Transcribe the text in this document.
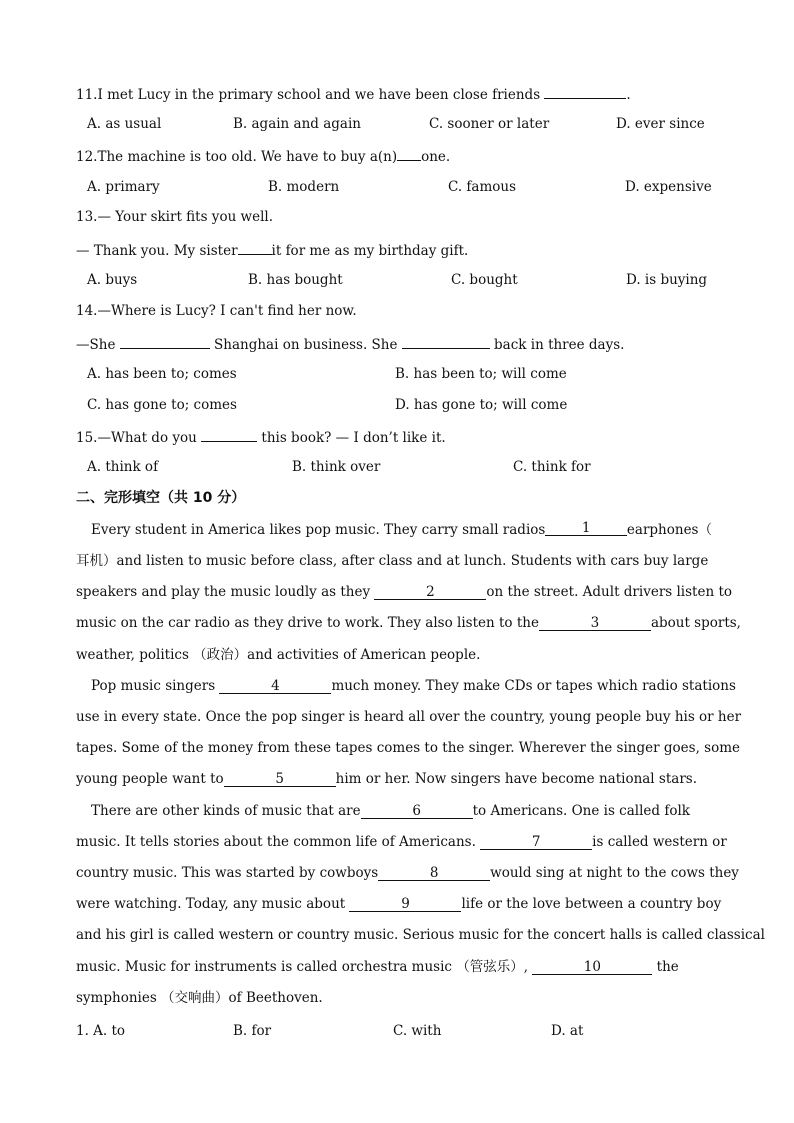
11.I met Lucy in the primary school and we have been close friends	.
A. as usual	B. again and again	C. sooner or later	D. ever since
12.The machine is too old. We have to buy a(n) one.
A. primary	B. modern	C. famous	D. expensive
13.— Your skirt fits you well.
— Thank you. My sister	it for me as my birthday gift.
A. buys	B. has bought	C. bought	D. is buying
14.—Where is Lucy? I can't find her now.
—She	Shanghai on business. She	back in three days.
A. has been to; comes	B. has been to; will come
C. has gone to; comes	D. has gone to; will come
15.—What do you	this book? — I don’t like it.
A. think of	B. think over	C. think for
二、完形填空（共 10 分）
Every student in America likes pop music. They carry small radios	1	earphones（
耳机）and listen to music before class, after class and at lunch. Students with cars buy large
speakers and play the music loudly as they	2	on the street. Adult drivers listen to
music on the car radio as they drive to work. They also listen to the	3	about sports,
weather, politics （政治）and activities of American people.
Pop music singers	4	much money. They make CDs or tapes which radio stations
use in every state. Once the pop singer is heard all over the country, young people buy his or her
tapes. Some of the money from these tapes comes to the singer. Wherever the singer goes, some
young people want to	5	him or her. Now singers have become national stars.
There are other kinds of music that are	6	to Americans. One is called folk
music. It tells stories about the common life of Americans.	7	is called western or
country music. This was started by cowboys	8	would sing at night to the cows they
were watching. Today, any music about	9	life or the love between a country boy
and his girl is called western or country music. Serious music for the concert halls is called classical
music. Music for instruments is called orchestra music （管弦乐）,	10	the
symphonies （交响曲）of Beethoven.
1. A. to	B. for	C. with	D. at
